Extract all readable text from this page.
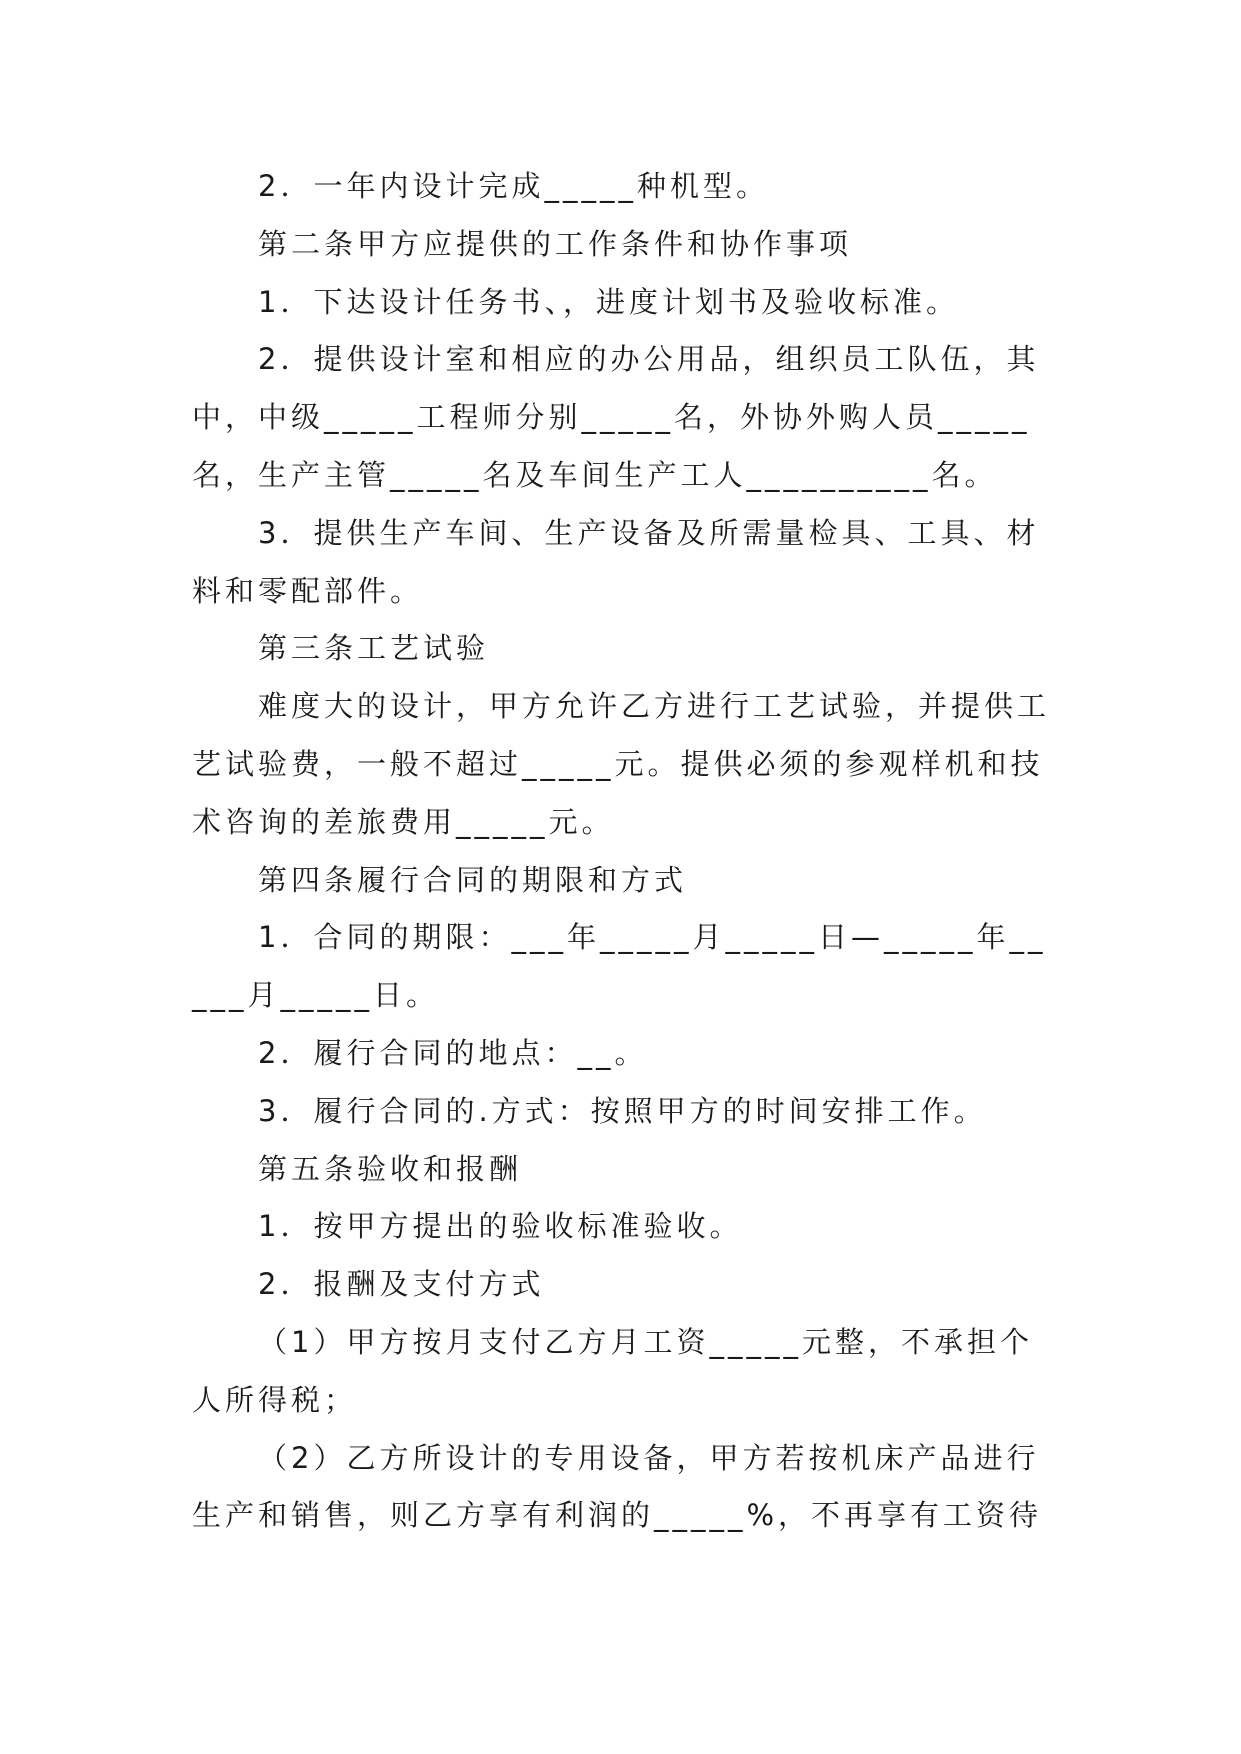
2．一年内设计完成_____种机型。

第二条甲方应提供的工作条件和协作事项

1．下达设计任务书、，进度计划书及验收标准。

2．提供设计室和相应的办公用品，组织员工队伍，其中，中级_____工程师分别_____名，外协外购人员_____名，生产主管_____名及车间生产工人__________名。

3．提供生产车间、生产设备及所需量检具、工具、材料和零配部件。

第三条工艺试验

难度大的设计，甲方允许乙方进行工艺试验，并提供工艺试验费，一般不超过_____元。提供必须的参观样机和技术咨询的差旅费用_____元。

第四条履行合同的期限和方式

1．合同的期限：___年_____月_____日—_____年_____月_____日。

2．履行合同的地点：__。

3．履行合同的.方式：按照甲方的时间安排工作。

第五条验收和报酬

1．按甲方提出的验收标准验收。

2．报酬及支付方式

（1）甲方按月支付乙方月工资_____元整，不承担个人所得税；

（2）乙方所设计的专用设备，甲方若按机床产品进行生产和销售，则乙方享有利润的_____%，不再享有工资待
